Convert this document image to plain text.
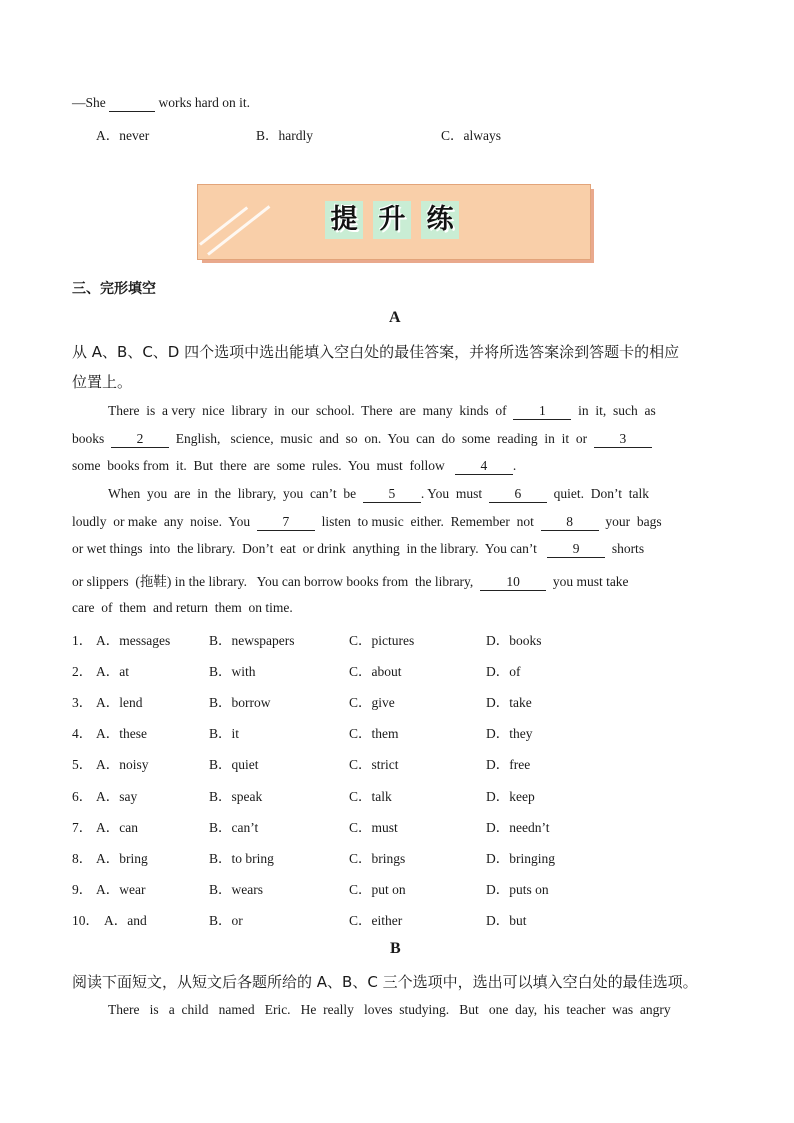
—She	works hard on it.
A．never	B．hardly	C．always
提 升 练
三、完形填空
A
从 A、B、C、D 四个选项中选出能填入空白处的最佳答案，并将所选答案涂到答题卡的相应
位置上。
There  is  a very  nice  library  in  our  school.  There  are  many  kinds  of 1 in  it,  such  as
books 2 English,   science,  music  and  so  on.  You  can  do  some  reading  in  it  or 3
some  books from  it.  But  there  are  some  rules.  You  must  follow	4 .
When  you  are  in  the  library,  you  can’t  be 5 . You  must 6 quiet.  Don’t  talk
loudly  or make  any  noise.  You 7 listen  to music  either.  Remember  not 8 your  bags
or wet things  into  the library.  Don’t  eat  or drink  anything  in the library.  You can’t	9 shorts
or slippers  (拖鞋) in the library.   You can borrow books from  the library, 10 you must take
care  of  them  and return  them  on time.
1． A．messages	B．newspapers	C．pictures	D．books
2． A．at	B．with	C．about	D．of
3． A．lend	B．borrow	C．give	D．take
4． A．these	B．it	C．them	D．they
5． A．noisy	B．quiet	C．strict	D．free
6． A．say	B．speak	C．talk	D．keep
7． A．can	B．can’t	C．must	D．needn’t
8． A．bring	B．to bring	C．brings	D．bringing
9． A．wear	B．wears	C．put on	D．puts on
10． A．and	B．or	C．either	D．but
B
阅读下面短文，从短文后各题所给的 A、B、C 三个选项中，选出可以填入空白处的最佳选项。
There   is   a  child   named   Eric.   He  really   loves  studying.   But   one  day,  his  teacher  was  angry
